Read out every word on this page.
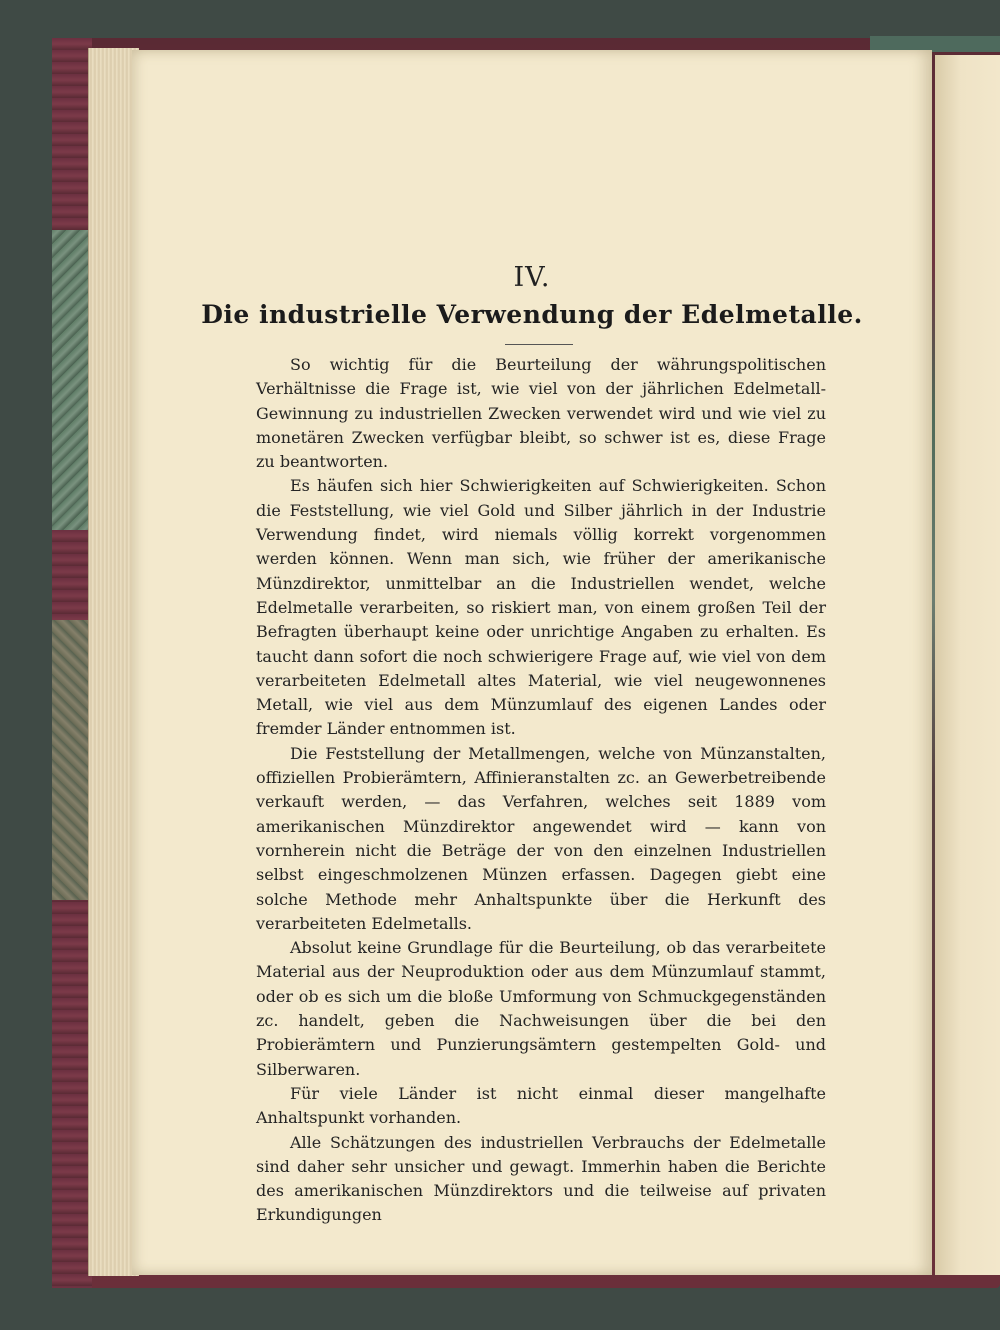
IV.
Die industrielle Verwendung der Edelmetalle.

So wichtig für die Beurteilung der währungspolitischen Verhältnisse die Frage ist, wie viel von der jährlichen Edelmetall-Gewinnung zu industriellen Zwecken verwendet wird und wie viel zu monetären Zwecken verfügbar bleibt, so schwer ist es, diese Frage zu beantworten.

Es häufen sich hier Schwierigkeiten auf Schwierigkeiten. Schon die Feststellung, wie viel Gold und Silber jährlich in der Industrie Verwendung findet, wird niemals völlig korrekt vorgenommen werden können. Wenn man sich, wie früher der amerikanische Münzdirektor, unmittelbar an die Industriellen wendet, welche Edelmetalle verarbeiten, so riskiert man, von einem großen Teil der Befragten überhaupt keine oder unrichtige Angaben zu erhalten. Es taucht dann sofort die noch schwierigere Frage auf, wie viel von dem verarbeiteten Edelmetall altes Material, wie viel neugewonnenes Metall, wie viel aus dem Münzumlauf des eigenen Landes oder fremder Länder entnommen ist.

Die Feststellung der Metallmengen, welche von Münzanstalten, offiziellen Probierämtern, Affinieranstalten zc. an Gewerbetreibende verkauft werden, — das Verfahren, welches seit 1889 vom amerikanischen Münzdirektor angewendet wird — kann von vornherein nicht die Beträge der von den einzelnen Industriellen selbst eingeschmolzenen Münzen erfassen. Dagegen giebt eine solche Methode mehr Anhaltspunkte über die Herkunft des verarbeiteten Edelmetalls.

Absolut keine Grundlage für die Beurteilung, ob das verarbeitete Material aus der Neuproduktion oder aus dem Münzumlauf stammt, oder ob es sich um die bloße Umformung von Schmuckgegenständen zc. handelt, geben die Nachweisungen über die bei den Probierämtern und Punzierungsämtern gestempelten Gold- und Silberwaren.

Für viele Länder ist nicht einmal dieser mangelhafte Anhaltspunkt vorhanden.

Alle Schätzungen des industriellen Verbrauchs der Edelmetalle sind daher sehr unsicher und gewagt. Immerhin haben die Berichte des amerikanischen Münzdirektors und die teilweise auf privaten Erkundigungen
